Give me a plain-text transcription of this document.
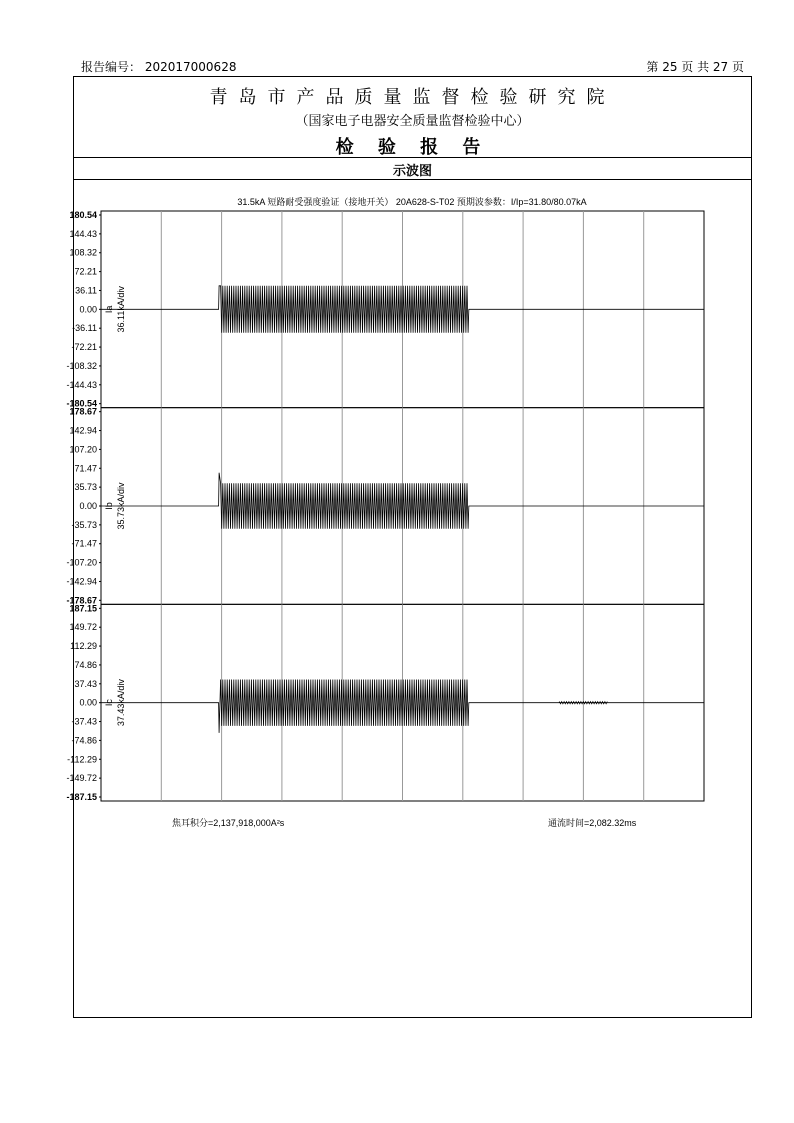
报告编号： 202017000628	第 25 页 共 27 页
青岛市产品质量监督检验研究院
（国家电子电器安全质量监督检验中心）
检 验 报 告
示波图
31.5kA 短路耐受强度验证（接地开关） 20A628-S-T02 预期波参数：I/Ip=31.80/80.07kA
180.54
144.43
108.32
72.21
36.11
0.00
-36.11
-72.21
-108.32
-144.43
-180.54
Ia 36.11kA/div
178.67
142.94
107.20
71.47
35.73
0.00
-35.73
-71.47
-107.20
-142.94
-178.67
Ib 35.73kA/div
187.15
149.72
112.29
74.86
37.43
0.00
-37.43
-74.86
-112.29
-149.72
-187.15
Ic 37.43kA/div
焦耳积分=2,137,918,000A²s	通流时间=2,082.32ms
